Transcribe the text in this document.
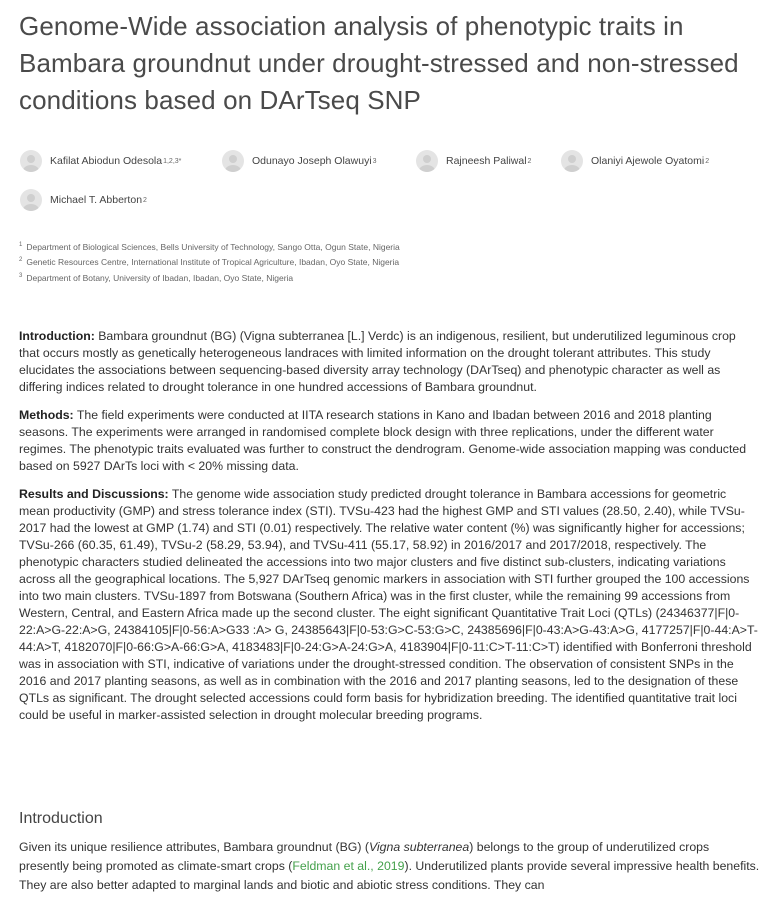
Genome-Wide association analysis of phenotypic traits in Bambara groundnut under drought-stressed and non-stressed conditions based on DArTseq SNP
Kafilat Abiodun Odesola 1,2,3*	Odunayo Joseph Olawuyi 3	Rajneesh Paliwal 2	Olaniyi Ajewole Oyatomi 2
Michael T. Abberton 2
$^1$ Department of Biological Sciences, Bells University of Technology, Sango Otta, Ogun State, Nigeria
$^2$ Genetic Resources Centre, International Institute of Tropical Agriculture, Ibadan, Oyo State, Nigeria
$^3$ Department of Botany, University of Ibadan, Ibadan, Oyo State, Nigeria

Introduction: Bambara groundnut (BG) (Vigna subterranea [L.] Verdc) is an indigenous, resilient, but underutilized leguminous crop that occurs mostly as genetically heterogeneous landraces with limited information on the drought tolerant attributes. This study elucidates the associations between sequencing-based diversity array technology (DArTseq) and phenotypic character as well as differing indices related to drought tolerance in one hundred accessions of Bambara groundnut.

Methods: The field experiments were conducted at IITA research stations in Kano and Ibadan between 2016 and 2018 planting seasons. The experiments were arranged in randomised complete block design with three replications, under the different water regimes. The phenotypic traits evaluated was further to construct the dendrogram. Genome-wide association mapping was conducted based on 5927 DArTs loci with < 20% missing data.

Results and Discussions: The genome wide association study predicted drought tolerance in Bambara accessions for geometric mean productivity (GMP) and stress tolerance index (STI). TVSu-423 had the highest GMP and STI values (28.50, 2.40), while TVSu-2017 had the lowest at GMP (1.74) and STI (0.01) respectively. The relative water content (%) was significantly higher for accessions; TVSu-266 (60.35, 61.49), TVSu-2 (58.29, 53.94), and TVSu-411 (55.17, 58.92) in 2016/2017 and 2017/2018, respectively. The phenotypic characters studied delineated the accessions into two major clusters and five distinct sub-clusters, indicating variations across all the geographical locations. The 5,927 DArTseq genomic markers in association with STI further grouped the 100 accessions into two main clusters. TVSu-1897 from Botswana (Southern Africa) was in the first cluster, while the remaining 99 accessions from Western, Central, and Eastern Africa made up the second cluster. The eight significant Quantitative Trait Loci (QTLs) (24346377|F|0-22:A>G-22:A>G, 24384105|F|0-56:A>G33 :A> G, 24385643|F|0-53:G>C-53:G>C, 24385696|F|0-43:A>G-43:A>G, 4177257|F|0-44:A>T-44:A>T, 4182070|F|0-66:G>A-66:G>A, 4183483|F|0-24:G>A-24:G>A, 4183904|F|0-11:C>T-11:C>T) identified with Bonferroni threshold was in association with STI, indicative of variations under the drought-stressed condition. The observation of consistent SNPs in the 2016 and 2017 planting seasons, as well as in combination with the 2016 and 2017 planting seasons, led to the designation of these QTLs as significant. The drought selected accessions could form basis for hybridization breeding. The identified quantitative trait loci could be useful in marker-assisted selection in drought molecular breeding programs.

Introduction

Given its unique resilience attributes, Bambara groundnut (BG) (Vigna subterranea) belongs to the group of underutilized crops presently being promoted as climate-smart crops (Feldman et al., 2019). Underutilized plants provide several impressive health benefits. They are also better adapted to marginal lands and biotic and abiotic stress conditions. They can
